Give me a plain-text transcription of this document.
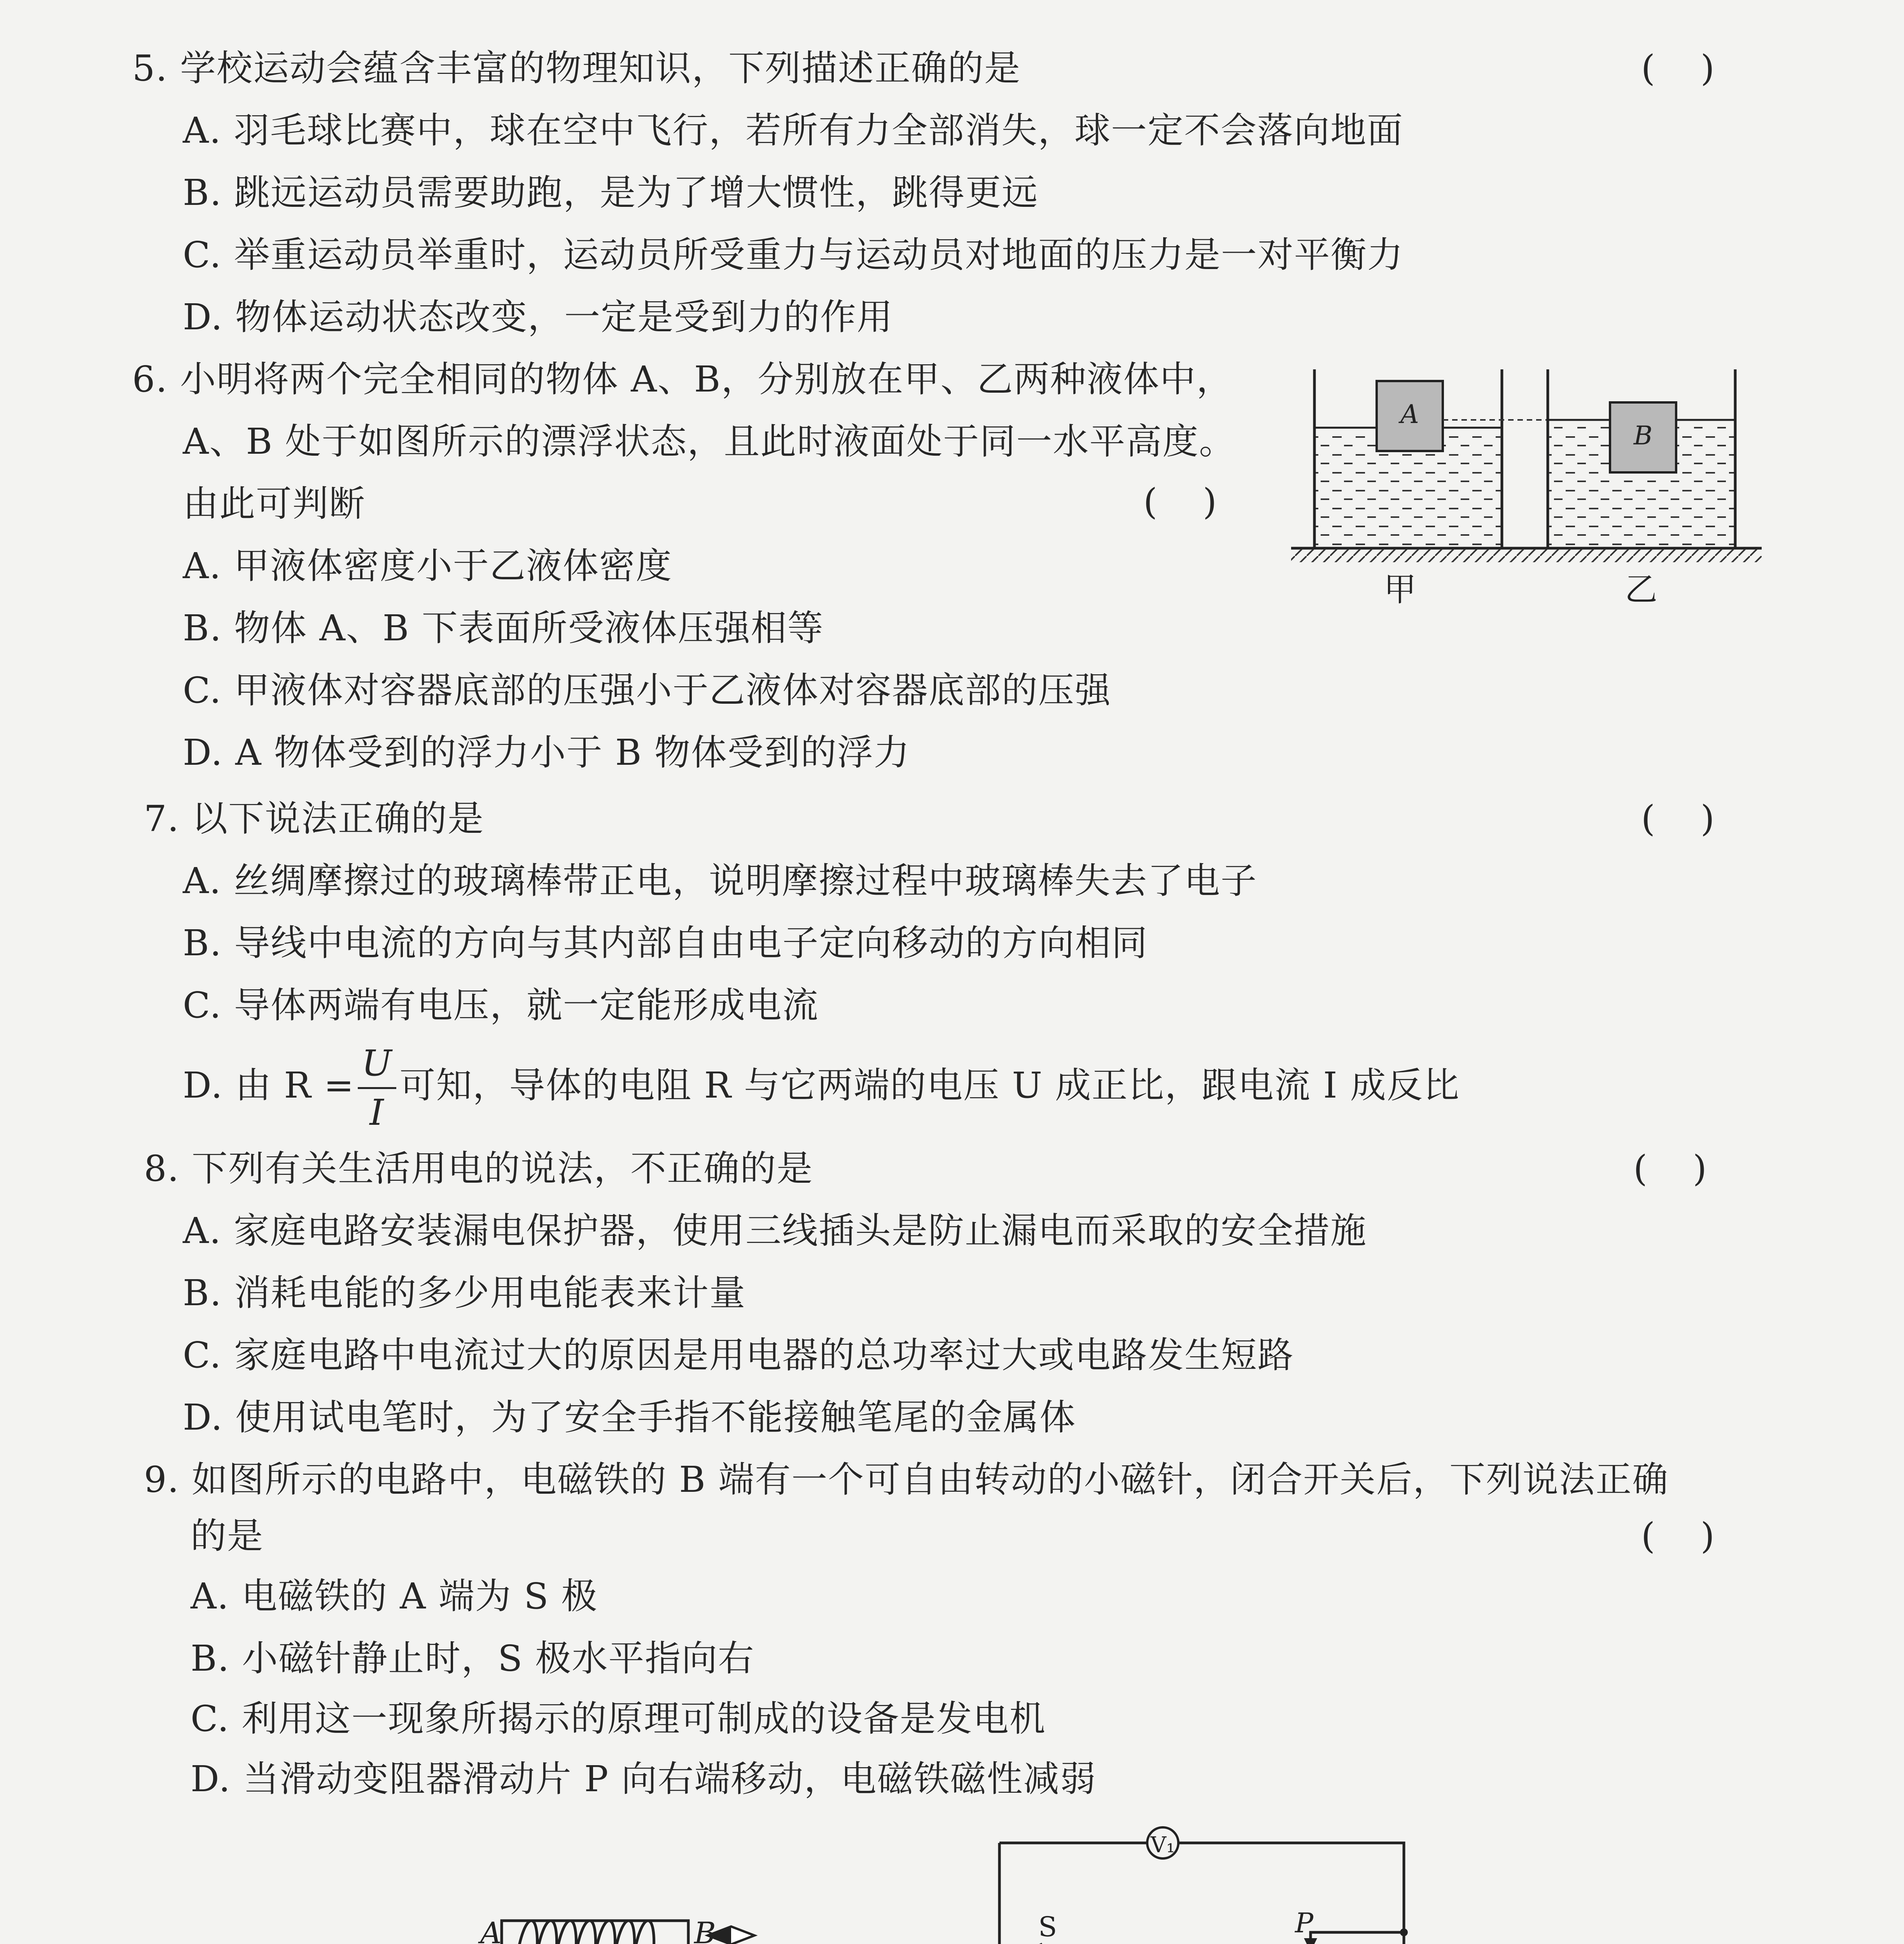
5. 学校运动会蕴含丰富的物理知识，下列描述正确的是	(    )
A. 羽毛球比赛中，球在空中飞行，若所有力全部消失，球一定不会落向地面
B. 跳远运动员需要助跑，是为了增大惯性，跳得更远
C. 举重运动员举重时，运动员所受重力与运动员对地面的压力是一对平衡力
D. 物体运动状态改变，一定是受到力的作用
6. 小明将两个完全相同的物体 A、B，分别放在甲、乙两种液体中，
A、B 处于如图所示的漂浮状态，且此时液面处于同一水平高度。
由此可判断	(    )
A. 甲液体密度小于乙液体密度
B. 物体 A、B 下表面所受液体压强相等
C. 甲液体对容器底部的压强小于乙液体对容器底部的压强
D. A 物体受到的浮力小于 B 物体受到的浮力
A
B
甲	乙
7. 以下说法正确的是	(    )
A. 丝绸摩擦过的玻璃棒带正电，说明摩擦过程中玻璃棒失去了电子
B. 导线中电流的方向与其内部自由电子定向移动的方向相同
C. 导体两端有电压，就一定能形成电流
D. 由 $R = \frac{U}{I}$ 可知，导体的电阻 R 与它两端的电压 U 成正比，跟电流 I 成反比
8. 下列有关生活用电的说法，不正确的是	(    )
A. 家庭电路安装漏电保护器，使用三线插头是防止漏电而采取的安全措施
B. 消耗电能的多少用电能表来计量
C. 家庭电路中电流过大的原因是用电器的总功率过大或电路发生短路
D. 使用试电笔时，为了安全手指不能接触笔尾的金属体
9. 如图所示的电路中，电磁铁的 B 端有一个可自由转动的小磁针，闭合开关后，下列说法正确
的是	(    )
A. 电磁铁的 A 端为 S 极
B. 小磁针静止时，S 极水平指向右
C. 利用这一现象所揭示的原理可制成的设备是发电机
D. 当滑动变阻器滑动片 P 向右端移动，电磁铁磁性减弱
A	B
V₁
S	P
